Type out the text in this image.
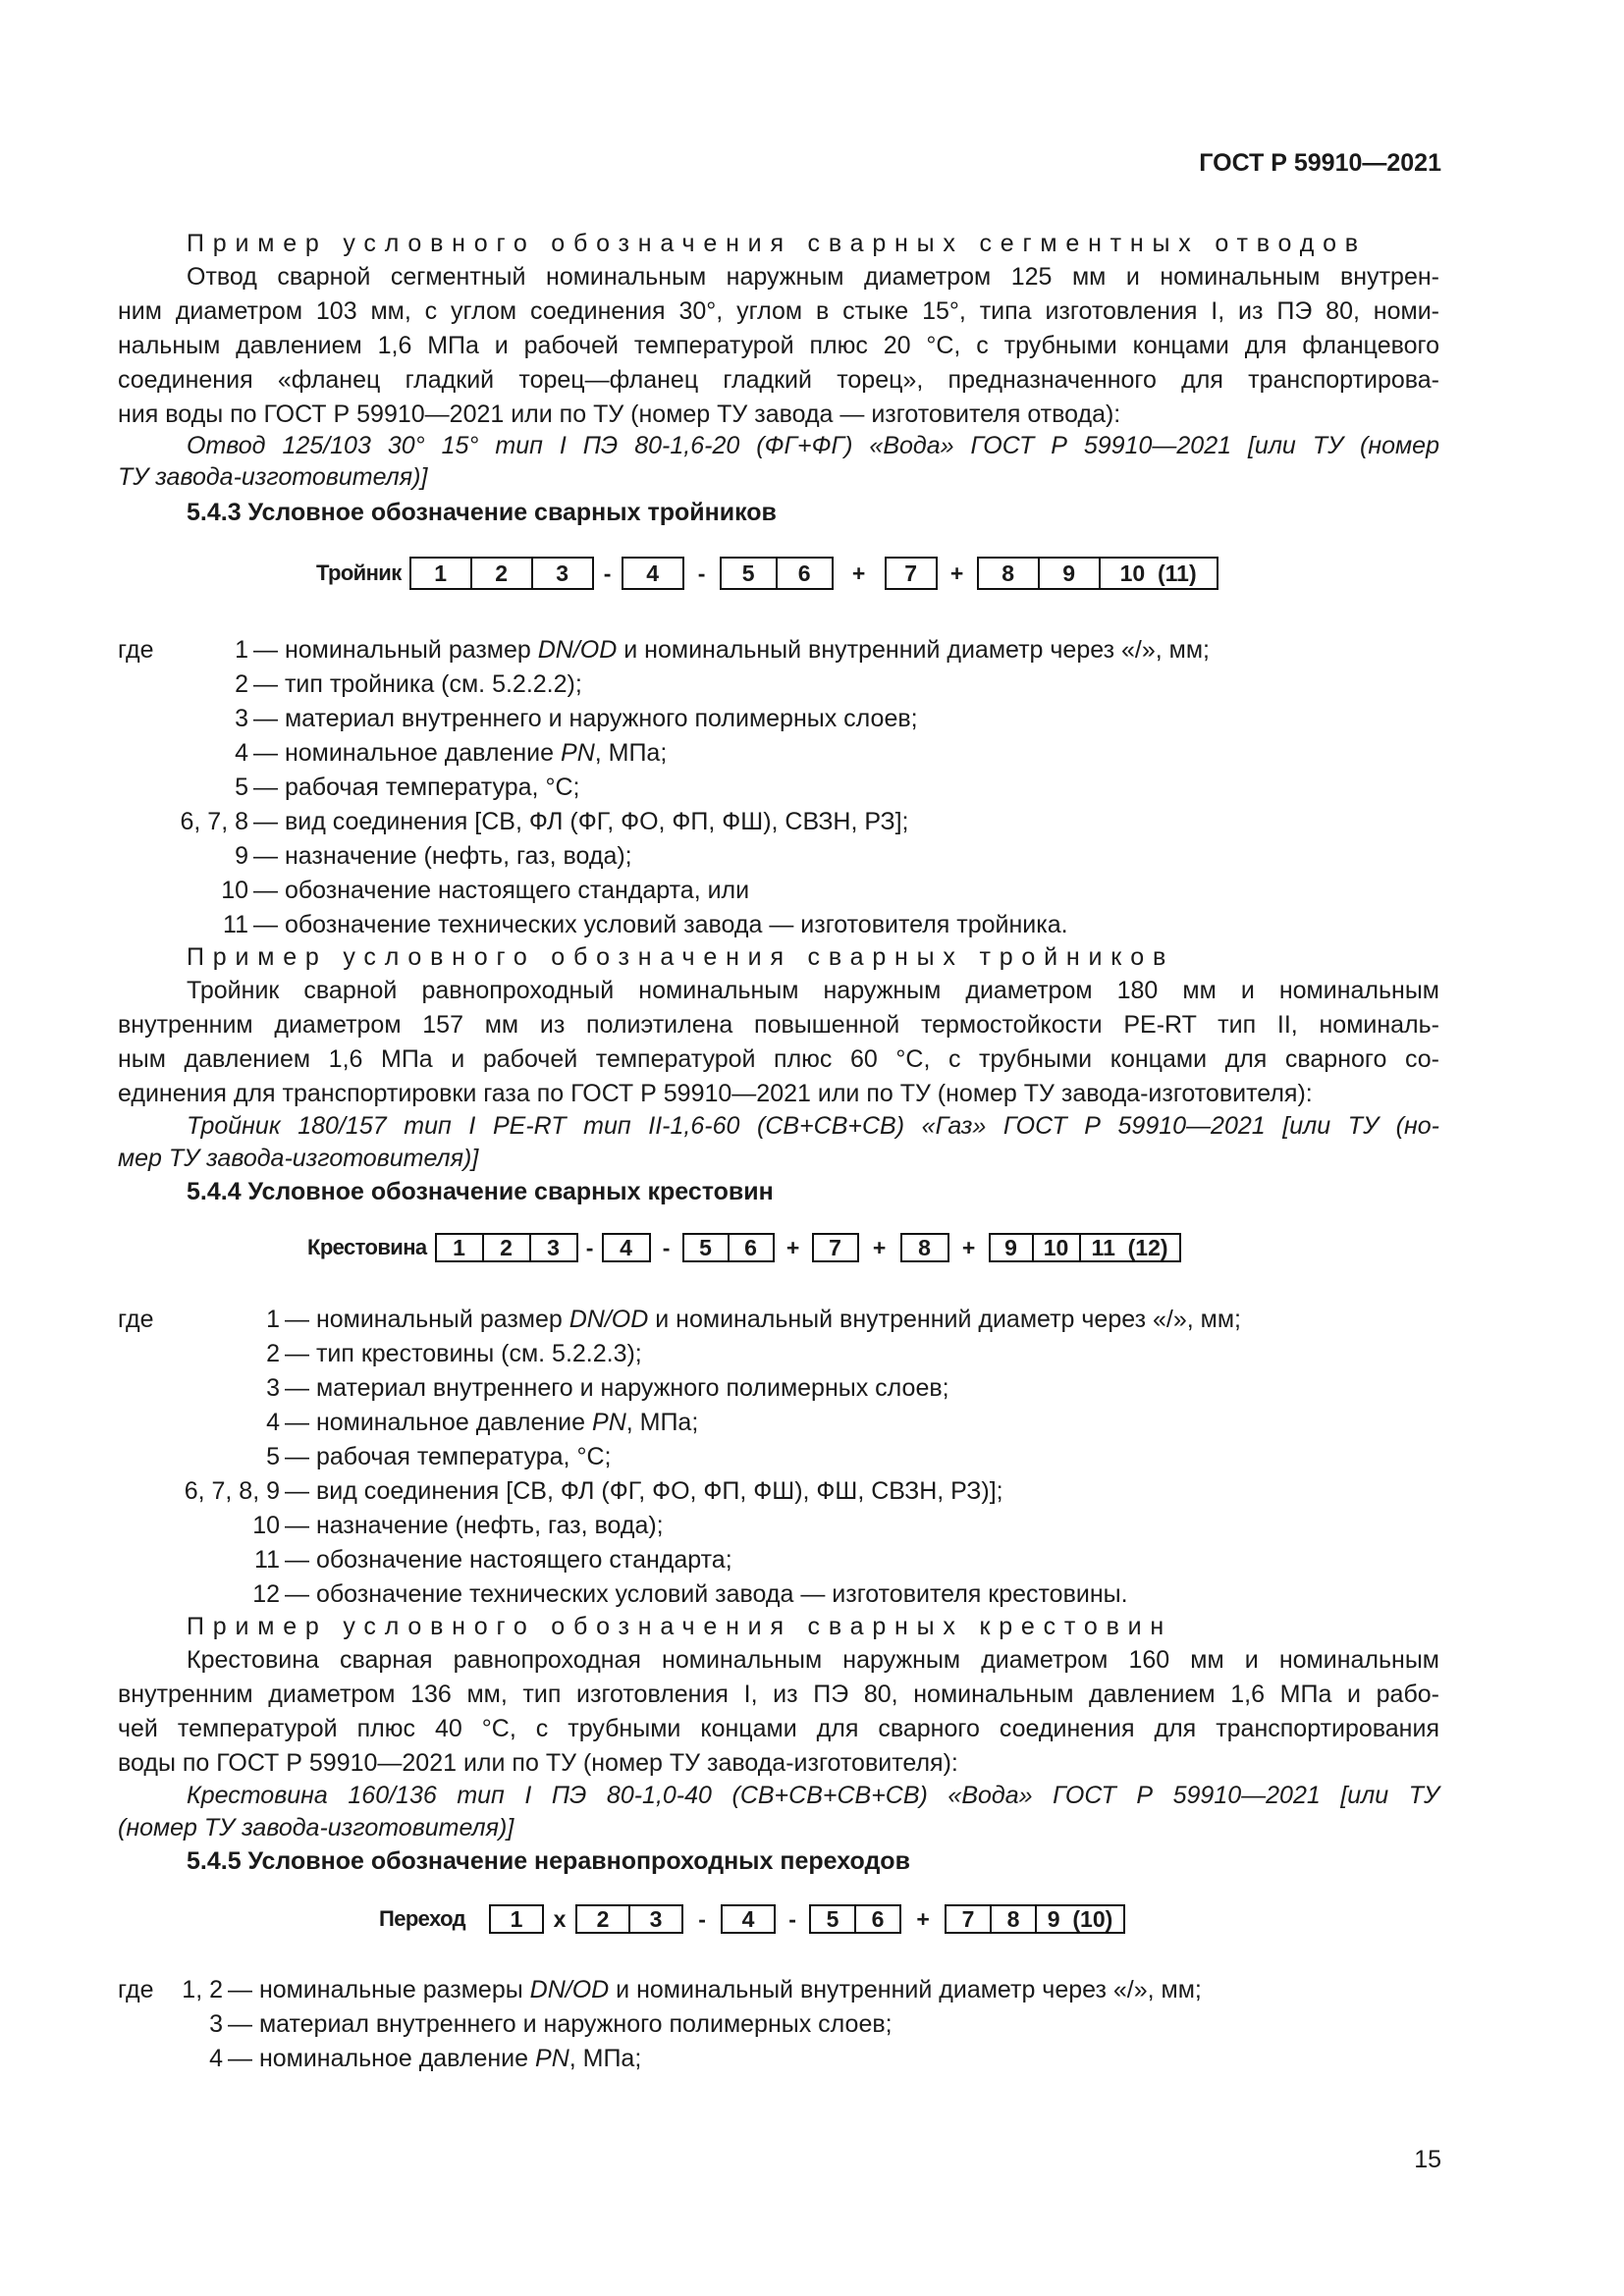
ГОСТ Р 59910—2021
Пример условного обозначения сварных сегментных отводов
Отвод сварной сегментный номинальным наружным диаметром 125 мм и номинальным внутрен-
ним диаметром 103 мм, с углом соединения 30°, углом в стыке 15°, типа изготовления I, из ПЭ 80, номи-
нальным давлением 1,6 МПа и рабочей температурой плюс 20 °С, с трубными концами для фланцевого
соединения «фланец гладкий торец—фланец гладкий торец», предназначенного для транспортирова-
ния воды по ГОСТ Р 59910—2021 или по ТУ (номер ТУ завода — изготовителя отвода):
Отвод 125/103 30° 15° тип I ПЭ 80-1,6-20 (ФГ+ФГ) «Вода» ГОСТ Р 59910—2021 [или ТУ (номер
ТУ завода-изготовителя)]
5.4.3 Условное обозначение сварных тройников
Тройник	1	2	3	-	4	-	5	6	+	7	+	8	9	10  (11)
где	1 — номинальный размер DN/OD и номинальный внутренний диаметр через «/», мм;
2 — тип тройника (см. 5.2.2.2);
3 — материал внутреннего и наружного полимерных слоев;
4 — номинальное давление PN, МПа;
5 — рабочая температура, °С;
6, 7, 8 — вид соединения [СВ, ФЛ (ФГ, ФО, ФП, ФШ), СВЗН, РЗ];
9 — назначение (нефть, газ, вода);
10 — обозначение настоящего стандарта, или
11 — обозначение технических условий завода — изготовителя тройника.
Пример условного обозначения сварных тройников
Тройник сварной равнопроходный номинальным наружным диаметром 180 мм и номинальным
внутренним диаметром 157 мм из полиэтилена повышенной термостойкости PE-RT тип II, номиналь-
ным давлением 1,6 МПа и рабочей температурой плюс 60 °С, с трубными концами для сварного со-
единения для транспортировки газа по ГОСТ Р 59910—2021 или по ТУ (номер ТУ завода-изготовителя):
Тройник 180/157 тип I PE-RT тип II-1,6-60 (СВ+СВ+СВ) «Газ» ГОСТ Р 59910—2021 [или ТУ (но-
мер ТУ завода-изготовителя)]
5.4.4 Условное обозначение сварных крестовин
Крестовина	1	2	3	-	4	-	5	6	+	7	+	8	+	9	10	11  (12)
где	1 — номинальный размер DN/OD и номинальный внутренний диаметр через «/», мм;
2 — тип крестовины (см. 5.2.2.3);
3 — материал внутреннего и наружного полимерных слоев;
4 — номинальное давление PN, МПа;
5 — рабочая температура, °С;
6, 7, 8, 9 — вид соединения [СВ, ФЛ (ФГ, ФО, ФП, ФШ), ФШ, СВЗН, РЗ)];
10 — назначение (нефть, газ, вода);
11 — обозначение настоящего стандарта;
12 — обозначение технических условий завода — изготовителя крестовины.
Пример условного обозначения сварных крестовин
Крестовина сварная равнопроходная номинальным наружным диаметром 160 мм и номинальным
внутренним диаметром 136 мм, тип изготовления I, из ПЭ 80, номинальным давлением 1,6 МПа и рабо-
чей температурой плюс 40 °С, с трубными концами для сварного соединения для транспортирования
воды по ГОСТ Р 59910—2021 или по ТУ (номер ТУ завода-изготовителя):
Крестовина 160/136 тип I ПЭ 80-1,0-40 (СВ+СВ+СВ+СВ) «Вода» ГОСТ Р 59910—2021 [или ТУ
(номер ТУ завода-изготовителя)]
5.4.5 Условное обозначение неравнопроходных переходов
Переход	1	x	2	3	-	4	-	5	6	+	7	8	9  (10)
где	1, 2 — номинальные размеры DN/OD и номинальный внутренний диаметр через «/», мм;
3 — материал внутреннего и наружного полимерных слоев;
4 — номинальное давление PN, МПа;
15
